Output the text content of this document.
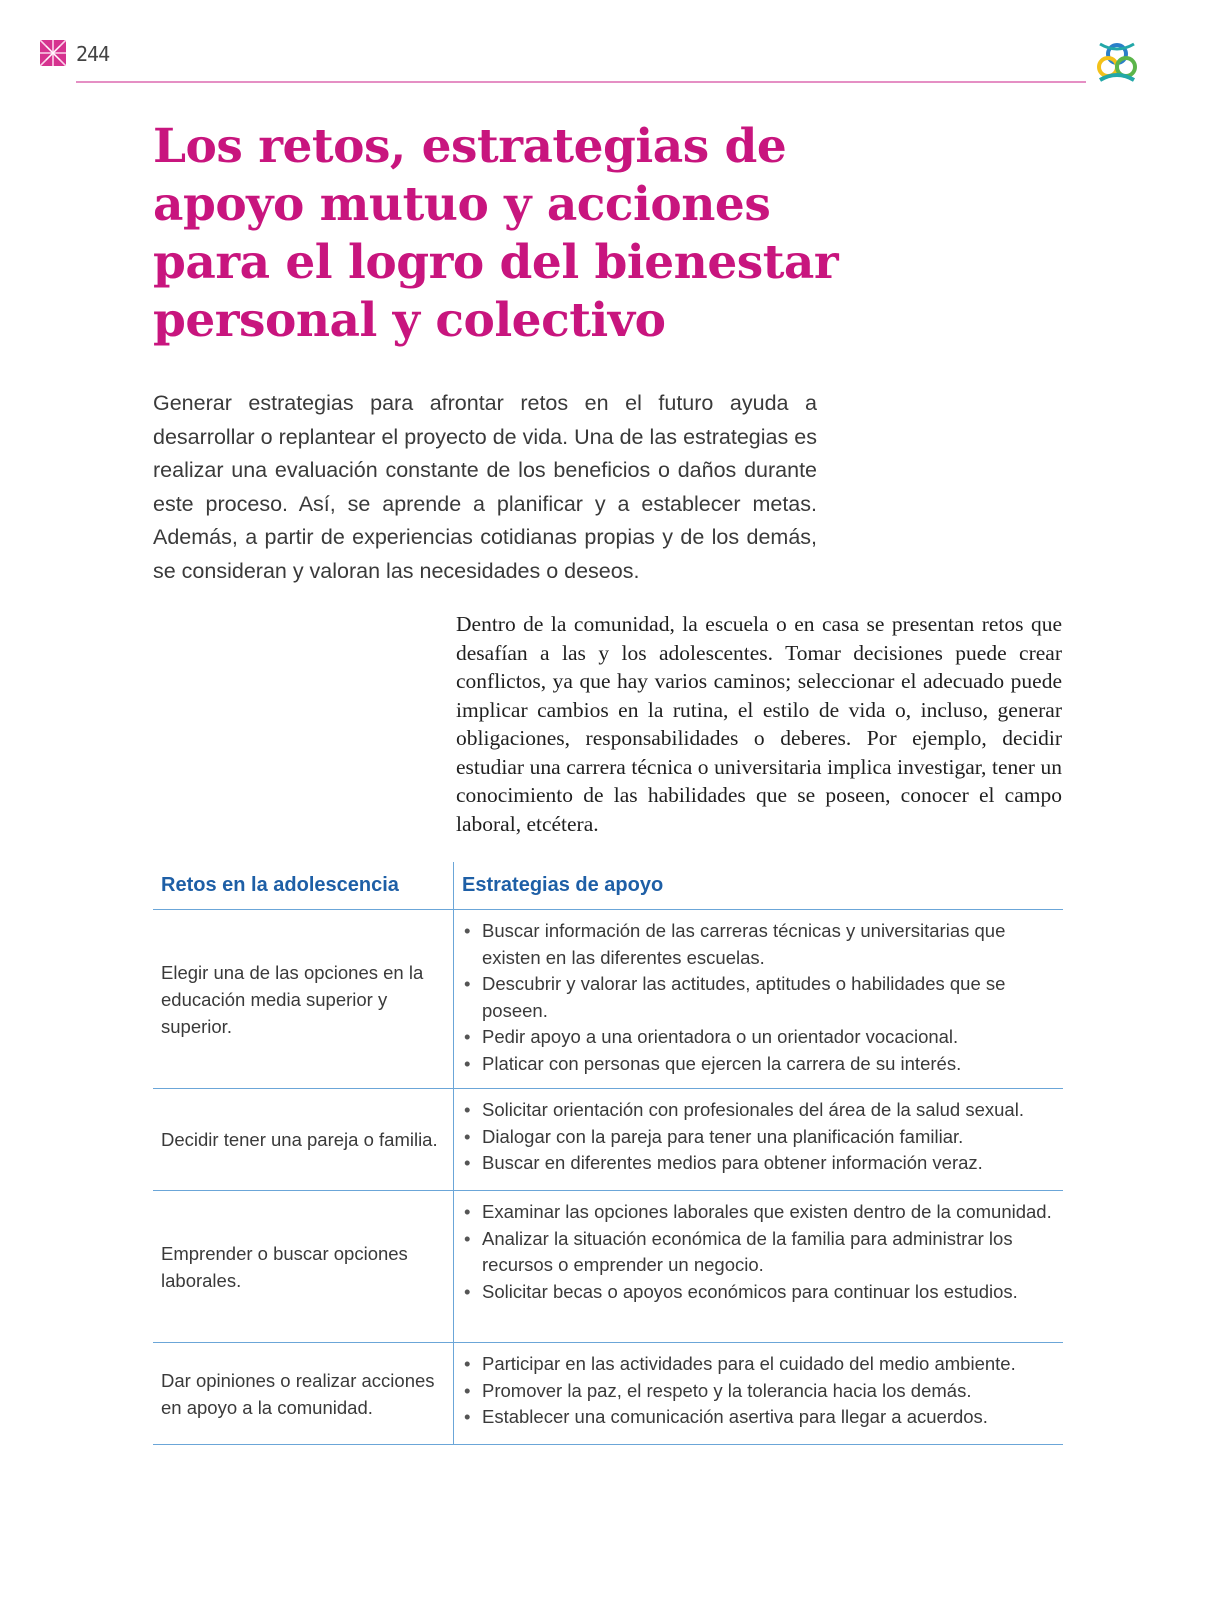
244
Los retos, estrategias de apoyo mutuo y acciones para el logro del bienestar personal y colectivo

Generar estrategias para afrontar retos en el futuro ayuda a desarrollar o replantear el proyecto de vida. Una de las estrategias es realizar una evaluación constante de los beneficios o daños durante este proceso. Así, se aprende a planificar y a establecer metas. Además, a partir de experiencias cotidianas propias y de los demás, se consideran y valoran las necesidades o deseos.

Dentro de la comunidad, la escuela o en casa se presentan retos que desafían a las y los adolescentes. Tomar decisiones puede crear conflictos, ya que hay varios caminos; seleccionar el adecuado puede implicar cambios en la rutina, el estilo de vida o, incluso, generar obligaciones, responsabilidades o deberes. Por ejemplo, decidir estudiar una carrera técnica o universitaria implica investigar, tener un conocimiento de las habilidades que se poseen, conocer el campo laboral, etcétera.

Retos en la adolescencia	Estrategias de apoyo
Elegir una de las opciones en la educación media superior y superior.
• Buscar información de las carreras técnicas y universitarias que existen en las diferentes escuelas.
• Descubrir y valorar las actitudes, aptitudes o habilidades que se poseen.
• Pedir apoyo a una orientadora o un orientador vocacional.
• Platicar con personas que ejercen la carrera de su interés.
Decidir tener una pareja o familia.
• Solicitar orientación con profesionales del área de la salud sexual.
• Dialogar con la pareja para tener una planificación familiar.
• Buscar en diferentes medios para obtener información veraz.
Emprender o buscar opciones laborales.
• Examinar las opciones laborales que existen dentro de la comunidad.
• Analizar la situación económica de la familia para administrar los recursos o emprender un negocio.
• Solicitar becas o apoyos económicos para continuar los estudios.
Dar opiniones o realizar acciones en apoyo a la comunidad.
• Participar en las actividades para el cuidado del medio ambiente.
• Promover la paz, el respeto y la tolerancia hacia los demás.
• Establecer una comunicación asertiva para llegar a acuerdos.
